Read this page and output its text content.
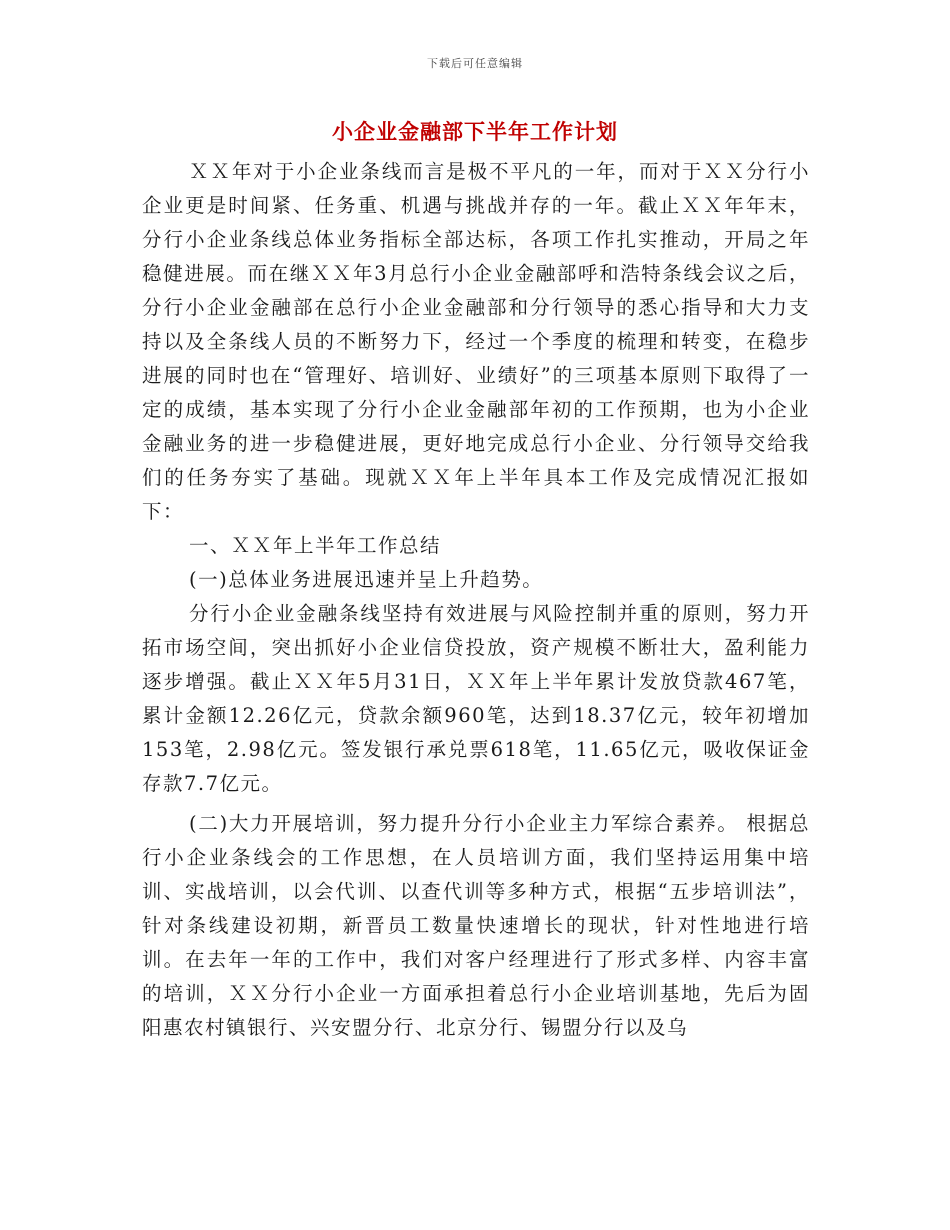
下载后可任意编辑
小企业金融部下半年工作计划

ＸＸ年对于小企业条线而言是极不平凡的一年，而对于ＸＸ分行小企业更是时间紧、任务重、机遇与挑战并存的一年。截止ＸＸ年年末，分行小企业条线总体业务指标全部达标，各项工作扎实推动，开局之年稳健进展。而在继ＸＸ年3月总行小企业金融部呼和浩特条线会议之后，分行小企业金融部在总行小企业金融部和分行领导的悉心指导和大力支持以及全条线人员的不断努力下，经过一个季度的梳理和转变，在稳步进展的同时也在“管理好、培训好、业绩好”的三项基本原则下取得了一定的成绩，基本实现了分行小企业金融部年初的工作预期，也为小企业金融业务的进一步稳健进展，更好地完成总行小企业、分行领导交给我们的任务夯实了基础。现就ＸＸ年上半年具本工作及完成情况汇报如下：

一、ＸＸ年上半年工作总结

(一)总体业务进展迅速并呈上升趋势。

分行小企业金融条线坚持有效进展与风险控制并重的原则，努力开拓市场空间，突出抓好小企业信贷投放，资产规模不断壮大，盈利能力逐步增强。截止ＸＸ年5月31日，ＸＸ年上半年累计发放贷款467笔，累计金额12.26亿元，贷款余额960笔，达到18.37亿元，较年初增加153笔，2.98亿元。签发银行承兑票618笔，11.65亿元，吸收保证金存款7.7亿元。

(二)大力开展培训，努力提升分行小企业主力军综合素养。 根据总行小企业条线会的工作思想，在人员培训方面，我们坚持运用集中培训、实战培训，以会代训、以查代训等多种方式，根据“五步培训法”，针对条线建设初期，新晋员工数量快速增长的现状，针对性地进行培训。在去年一年的工作中，我们对客户经理进行了形式多样、内容丰富的培训，ＸＸ分行小企业一方面承担着总行小企业培训基地，先后为固阳惠农村镇银行、兴安盟分行、北京分行、锡盟分行以及乌
